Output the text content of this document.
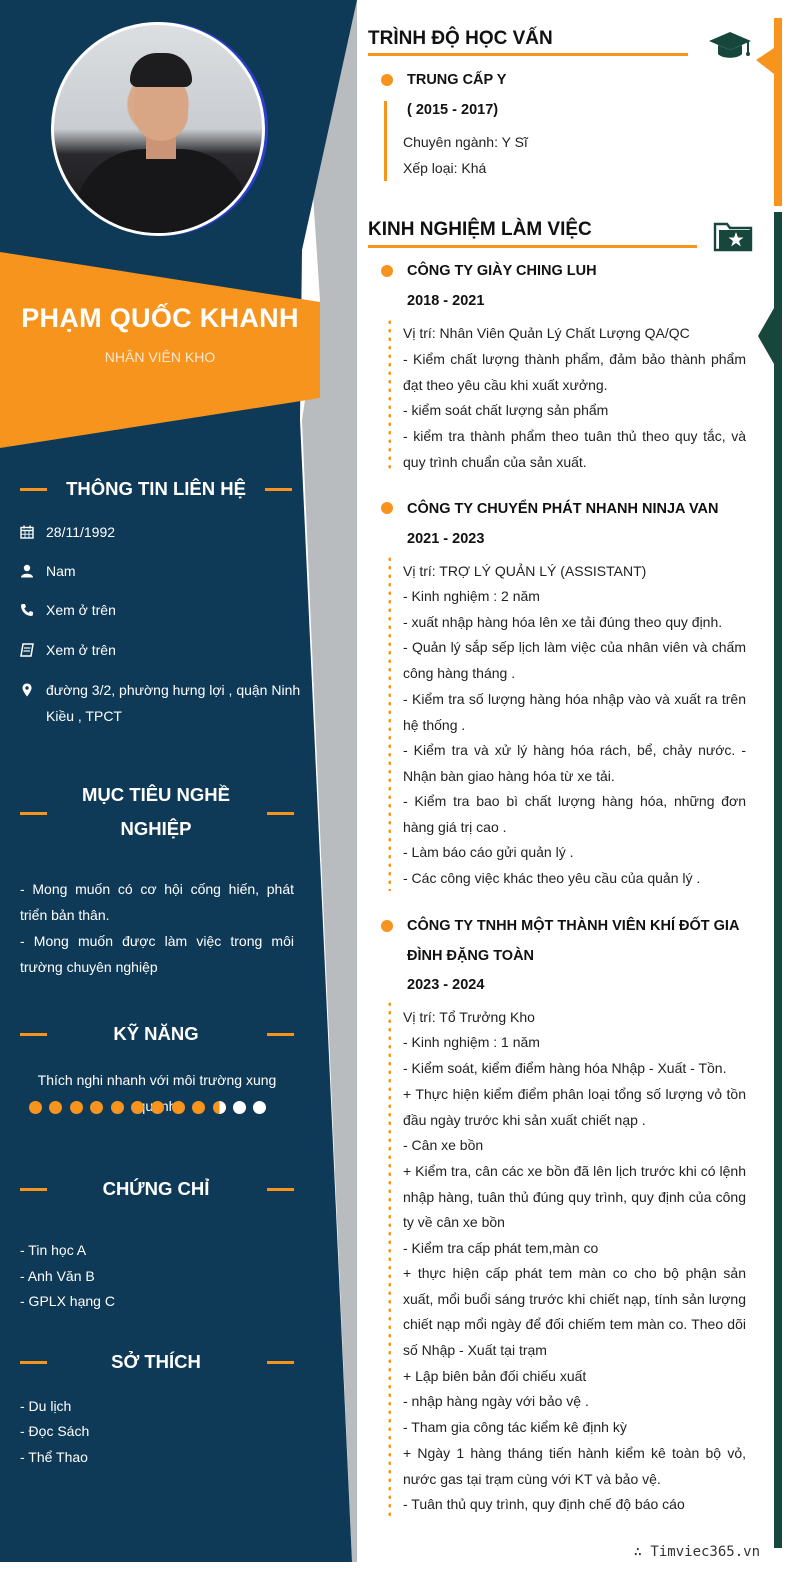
PHẠM QUỐC KHANH
NHÂN VIÊN KHO
THÔNG TIN LIÊN HỆ
28/11/1992
Nam
Xem ở trên
Xem ở trên
đường 3/2, phường hưng lợi , quận Ninh Kiều , TPCT
MỤC TIÊU NGHỀ
NGHIỆP
- Mong muốn có cơ hội cống hiến, phát triển bản thân.
- Mong muốn được làm việc trong môi trường chuyên nghiệp
KỸ NĂNG
Thích nghi nhanh với môi trường xung
CHỨNG CHỈ
- Tin học A
- Anh Văn B
- GPLX hạng C
SỞ THÍCH
- Du lịch
- Đọc Sách
- Thể Thao
TRÌNH ĐỘ HỌC VẤN
TRUNG CẤP Y
( 2015 - 2017)
Chuyên ngành: Y Sĩ
Xếp loại: Khá
KINH NGHIỆM LÀM VIỆC
CÔNG TY GIÀY CHING LUH
2018 - 2021
Vị trí: Nhân Viên Quản Lý Chất Lượng QA/QC
- Kiểm chất lượng thành phẩm, đảm bảo thành phẩm đạt theo yêu cầu khi xuất xưởng.
- kiểm soát chất lượng sản phẩm
- kiểm tra thành phẩm theo tuân thủ theo quy tắc, và quy trình chuẩn của sản xuất.
CÔNG TY CHUYỂN PHÁT NHANH NINJA VAN
2021 - 2023
Vị trí: TRỢ LÝ QUẢN LÝ (ASSISTANT)
- Kinh nghiệm : 2 năm
- xuất nhập hàng hóa lên xe tải đúng theo quy định.
- Quản lý sắp sếp lịch làm việc của nhân viên và chấm công hàng tháng .
- Kiểm tra số lượng hàng hóa nhập vào và xuất ra trên hệ thống .
- Kiểm tra và xử lý hàng hóa rách, bể, chảy nước. - Nhận bàn giao hàng hóa từ xe tải.
- Kiểm tra bao bì chất lượng hàng hóa, những đơn hàng giá trị cao .
- Làm báo cáo gửi quản lý .
- Các công việc khác theo yêu cầu của quản lý .
CÔNG TY TNHH MỘT THÀNH VIÊN KHÍ ĐỐT GIA ĐÌNH ĐẶNG TOÀN
2023 - 2024
Vị trí: Tổ Trưởng Kho
- Kinh nghiệm : 1 năm
- Kiểm soát, kiểm điểm hàng hóa Nhập - Xuất - Tồn.
+ Thực hiện kiểm điểm phân loại tổng số lượng vỏ tồn đầu ngày trước khi sản xuất chiết nạp .
- Cân xe bồn
+ Kiểm tra, cân các xe bồn đã lên lịch trước khi có lệnh nhập hàng, tuân thủ đúng quy trình, quy định của công ty về cân xe bồn
- Kiểm tra cấp phát tem,màn co
+ thực hiện cấp phát tem màn co cho bộ phận sản xuất, mổi buổi sáng trước khi chiết nạp, tính sản lượng chiết nạp mổi ngày để đối chiếm tem màn co. Theo dõi số Nhập - Xuất tại trạm
+ Lập biên bản đối chiếu xuất
- nhập hàng ngày với bảo vệ .
- Tham gia công tác kiểm kê định kỳ
+ Ngày 1 hàng tháng tiến hành kiểm kê toàn bộ vỏ, nước gas tại trạm cùng với KT và bảo vệ.
- Tuân thủ quy trình, quy định chế độ báo cáo
∴ Timviec365.vn
